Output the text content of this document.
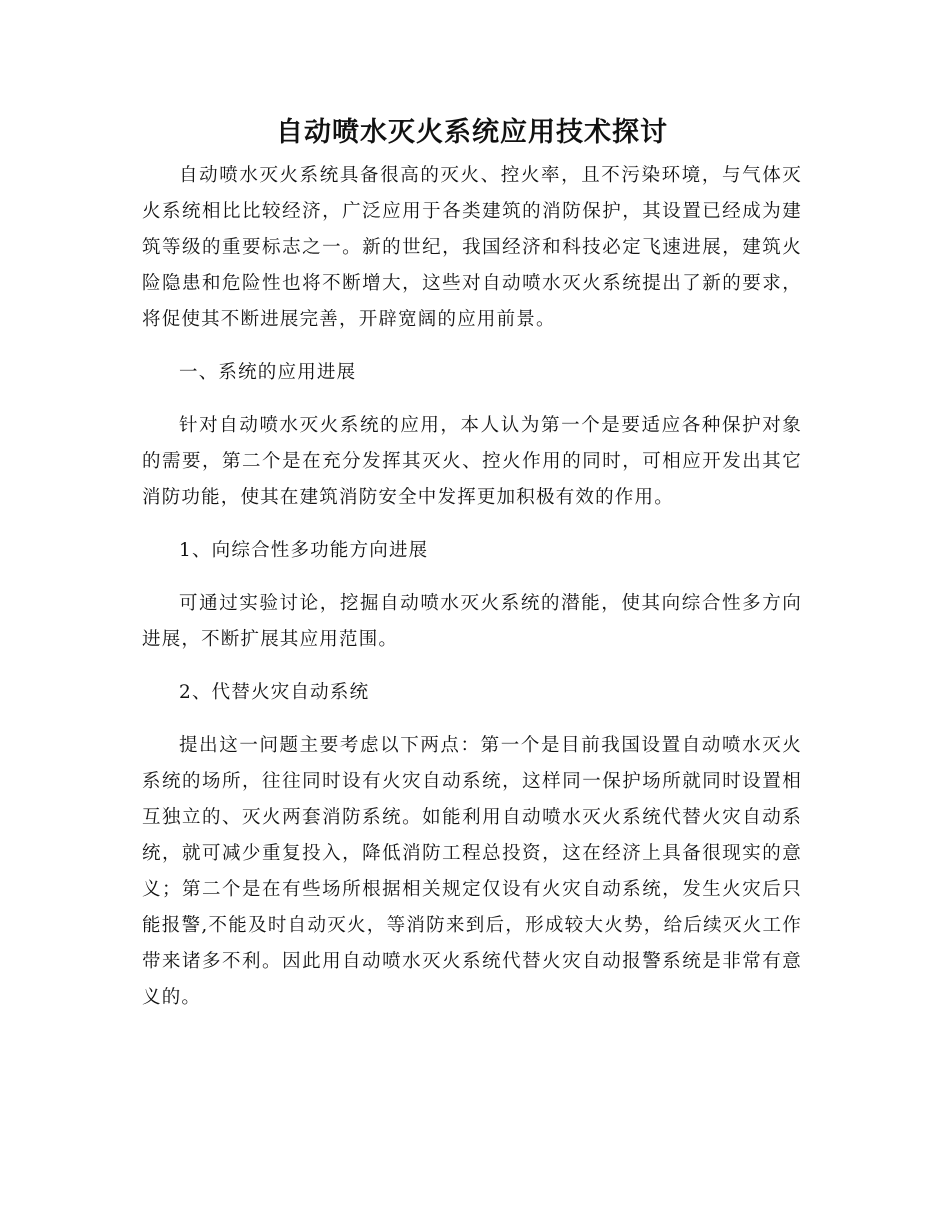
自动喷水灭火系统应用技术探讨

自动喷水灭火系统具备很高的灭火、控火率，且不污染环境，与气体灭火系统相比比较经济，广泛应用于各类建筑的消防保护，其设置已经成为建筑等级的重要标志之一。新的世纪，我国经济和科技必定飞速进展，建筑火险隐患和危险性也将不断增大，这些对自动喷水灭火系统提出了新的要求，将促使其不断进展完善，开辟宽阔的应用前景。

一、系统的应用进展

针对自动喷水灭火系统的应用，本人认为第一个是要适应各种保护对象的需要，第二个是在充分发挥其灭火、控火作用的同时，可相应开发出其它消防功能，使其在建筑消防安全中发挥更加积极有效的作用。

1、向综合性多功能方向进展

可通过实验讨论，挖掘自动喷水灭火系统的潜能，使其向综合性多方向进展，不断扩展其应用范围。

2、代替火灾自动系统

提出这一问题主要考虑以下两点：第一个是目前我国设置自动喷水灭火系统的场所，往往同时设有火灾自动系统，这样同一保护场所就同时设置相互独立的、灭火两套消防系统。如能利用自动喷水灭火系统代替火灾自动系统，就可减少重复投入，降低消防工程总投资，这在经济上具备很现实的意义；第二个是在有些场所根据相关规定仅设有火灾自动系统，发生火灾后只能报警,不能及时自动灭火，等消防来到后，形成较大火势，给后续灭火工作带来诸多不利。因此用自动喷水灭火系统代替火灾自动报警系统是非常有意义的。
